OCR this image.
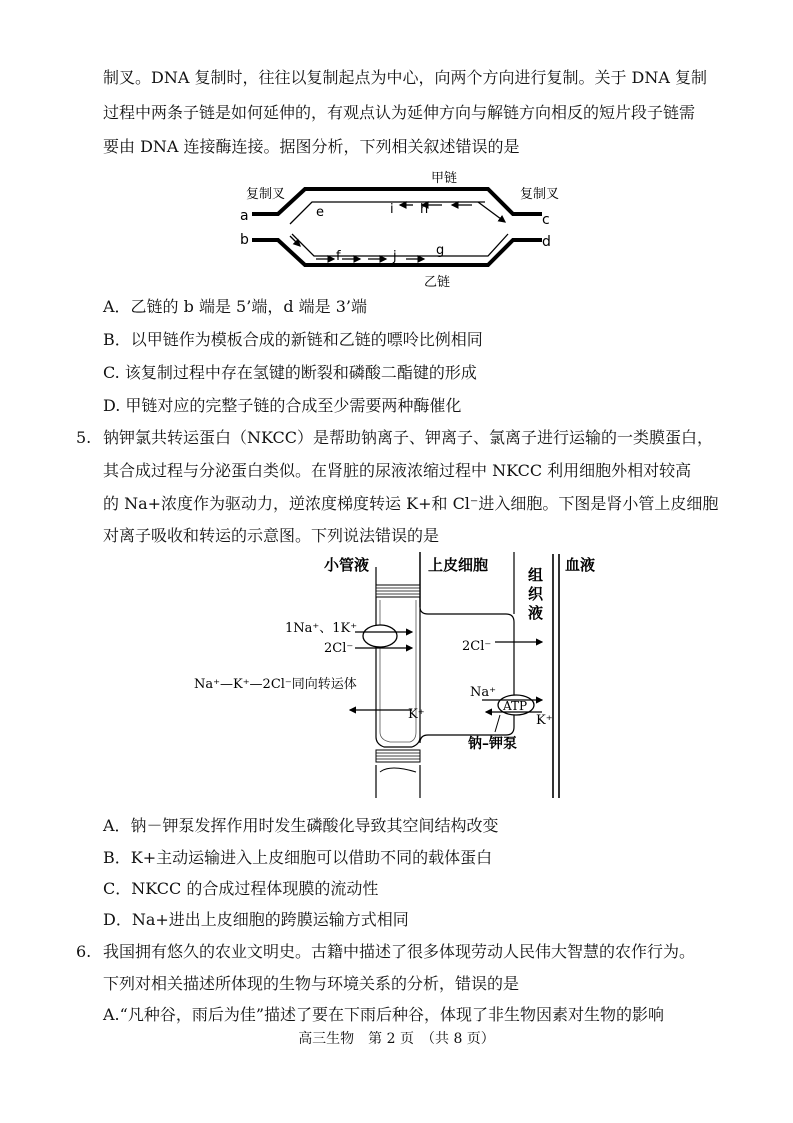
制叉。DNA 复制时，往往以复制起点为中心，向两个方向进行复制。关于 DNA 复制
过程中两条子链是如何延伸的，有观点认为延伸方向与解链方向相反的短片段子链需
要由 DNA 连接酶连接。据图分析，下列相关叙述错误的是
复制叉	复制叉
甲链
乙链
a
b
c
d
e	i h
f	j	g
A．乙链的 b 端是 5’端，d 端是 3’端
B．以甲链作为模板合成的新链和乙链的嘌呤比例相同
C. 该复制过程中存在氢键的断裂和磷酸二酯键的形成
D. 甲链对应的完整子链的合成至少需要两种酶催化
5. 钠钾氯共转运蛋白（NKCC）是帮助钠离子、钾离子、氯离子进行运输的一类膜蛋白，
其合成过程与分泌蛋白类似。在肾脏的尿液浓缩过程中 NKCC 利用细胞外相对较高
的 Na+浓度作为驱动力，逆浓度梯度转运 K+和 Cl⁻进入细胞。下图是肾小管上皮细胞
对离子吸收和转运的示意图。下列说法错误的是
小管液	上皮细胞
组
织
液
血液
1Na⁺、1K⁺
2Cl⁻
Na⁺—K⁺—2Cl⁻同向转运体
2Cl⁻
K⁺
Na⁺
ATP
K⁺
钠–钾泵
A．钠－钾泵发挥作用时发生磷酸化导致其空间结构改变
B．K+主动运输进入上皮细胞可以借助不同的载体蛋白
C．NKCC 的合成过程体现膜的流动性
D．Na+进出上皮细胞的跨膜运输方式相同
6. 我国拥有悠久的农业文明史。古籍中描述了很多体现劳动人民伟大智慧的农作行为。
下列对相关描述所体现的生物与环境关系的分析，错误的是
A.“凡种谷，雨后为佳”描述了要在下雨后种谷，体现了非生物因素对生物的影响
高三生物　第 2 页　（共 8 页）
